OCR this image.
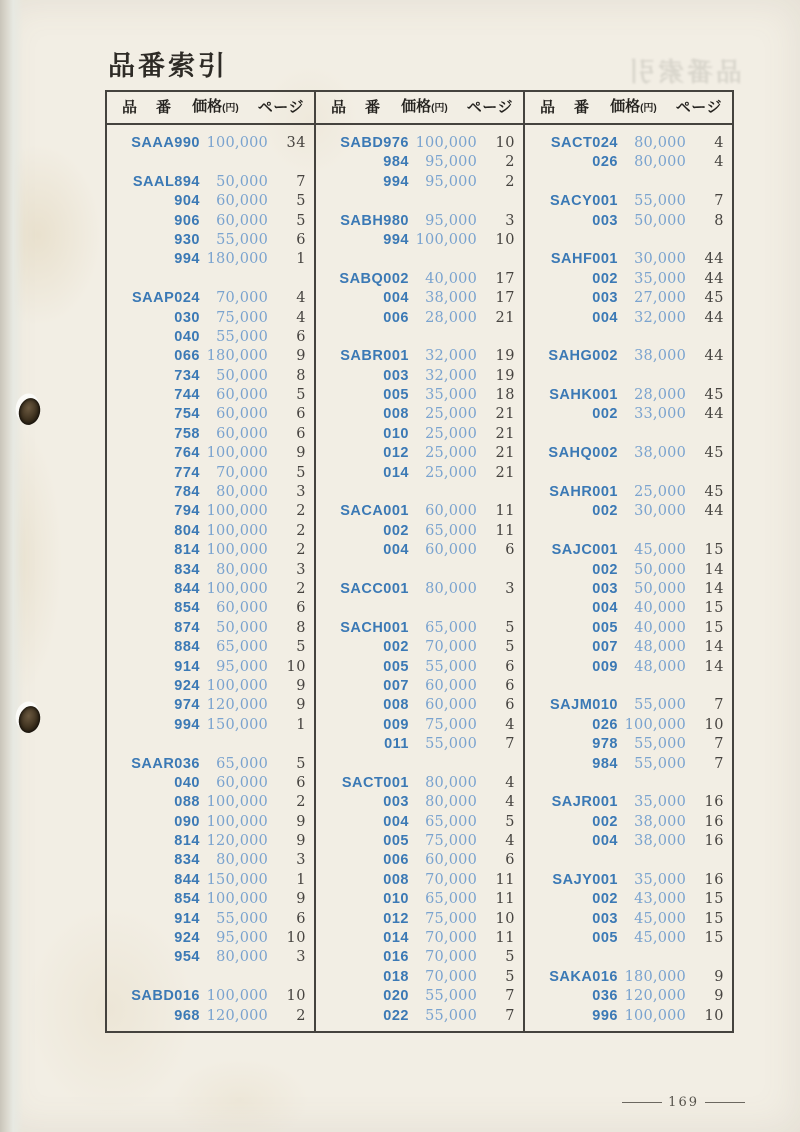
品番索引	品番索引
品　番 価格(円) ページ
SAAA990 100,000	34
SAAL894	50,000	7
904	60,000	5
906	60,000	5
930	55,000	6
994 180,000	1
SAAP024	70,000	4
030	75,000	4
040	55,000	6
066 180,000	9
734	50,000	8
744	60,000	5
754	60,000	6
758	60,000	6
764 100,000	9
774	70,000	5
784	80,000	3
794 100,000	2
804 100,000	2
814 100,000	2
834	80,000	3
844 100,000	2
854	60,000	6
874	50,000	8
884	65,000	5
914	95,000	10
924 100,000	9
974 120,000	9
994 150,000	1
SAAR036	65,000	5
040	60,000	6
088 100,000	2
090 100,000	9
814 120,000	9
834	80,000	3
844 150,000	1
854 100,000	9
914	55,000	6
924	95,000	10
954	80,000	3
SABD016 100,000	10
968 120,000	2
品　番 価格(円) ページ
SABD976 100,000	10
984	95,000	2
994	95,000	2
SABH980	95,000	3
994 100,000	10
SABQ002	40,000	17
004	38,000	17
006	28,000	21
SABR001	32,000	19
003	32,000	19
005	35,000	18
008	25,000	21
010	25,000	21
012	25,000	21
014	25,000	21
SACA001	60,000	11
002	65,000	11
004	60,000	6
SACC001	80,000	3
SACH001	65,000	5
002	70,000	5
005	55,000	6
007	60,000	6
008	60,000	6
009	75,000	4
011	55,000	7
SACT001	80,000	4
003	80,000	4
004	65,000	5
005	75,000	4
006	60,000	6
008	70,000	11
010	65,000	11
012	75,000	10
014	70,000	11
016	70,000	5
018	70,000	5
020	55,000	7
022	55,000	7
品　番 価格(円) ページ
SACT024	80,000	4
026	80,000	4
SACY001	55,000	7
003	50,000	8
SAHF001	30,000	44
002	35,000	44
003	27,000	45
004	32,000	44
SAHG002	38,000	44
SAHK001	28,000	45
002	33,000	44
SAHQ002	38,000	45
SAHR001	25,000	45
002	30,000	44
SAJC001	45,000	15
002	50,000	14
003	50,000	14
004	40,000	15
005	40,000	15
007	48,000	14
009	48,000	14
SAJM010	55,000	7
026 100,000	10
978	55,000	7
984	55,000	7
SAJR001	35,000	16
002	38,000	16
004	38,000	16
SAJY001	35,000	16
002	43,000	15
003	45,000	15
005	45,000	15
SAKA016 180,000	9
036 120,000	9
996 100,000	10
169
